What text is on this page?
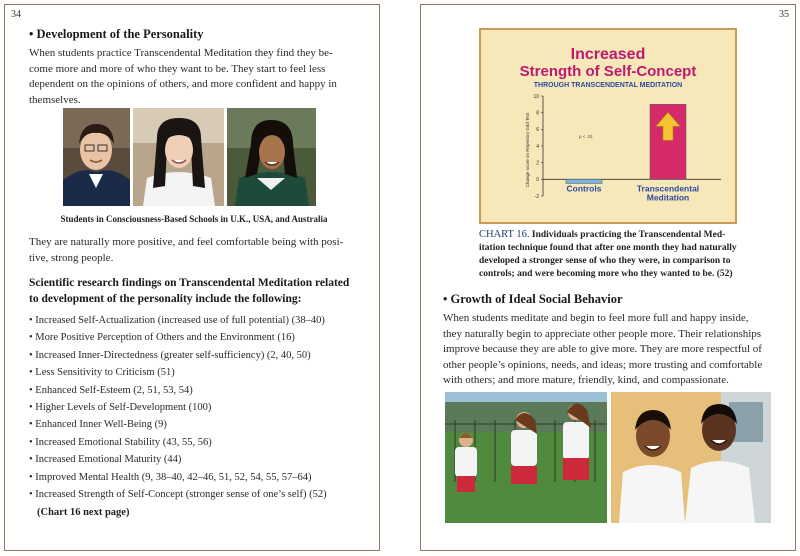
34
• Development of the Personality
When students practice Transcendental Meditation they find they be-
come more and more of who they want to be. They start to feel less
dependent on the opinions of others, and more confident and happy in
themselves.
Students in Consciousness-Based Schools in U.K., USA, and Australia
They are naturally more positive, and feel comfortable being with posi-
tive, strong people.
Scientific research findings on Transcendental Meditation related
to development of the personality include the following:
• Increased Self-Actualization (increased use of full potential) (38–40)
• More Positive Perception of Others and the Environment (16)
• Increased Inner-Directedness (greater self-sufficiency) (2, 40, 50)
• Less Sensitivity to Criticism (51)
• Enhanced Self-Esteem (2, 51, 53, 54)
• Higher Levels of Self-Development (100)
• Enhanced Inner Well-Being (9)
• Increased Emotional Stability (43, 55, 56)
• Increased Emotional Maturity (44)
• Improved Mental Health (9, 38–40, 42–46, 51, 52, 54, 55, 57–64)
• Increased Strength of Self-Concept (stronger sense of one’s self) (52)
(Chart 16 next page)
35
Increased
Strength of Self-Concept
THROUGH TRANSCENDENTAL MEDITATION
Change score on Repertory Grid Test
10
8
6
4
2
0
-2
Controls	Transcendental
Meditation
p < .01
CHART 16. Individuals practicing the Transcendental Med-
itation technique found that after one month they had naturally
developed a stronger sense of who they were, in comparison to
controls; and were becoming more who they wanted to be. (52)
• Growth of Ideal Social Behavior
When students meditate and begin to feel more full and happy inside,
they naturally begin to appreciate other people more. Their relationships
improve because they are able to give more. They are more respectful of
other people’s opinions, needs, and ideas; more trusting and comfortable
with others; and more mature, friendly, kind, and compassionate.
